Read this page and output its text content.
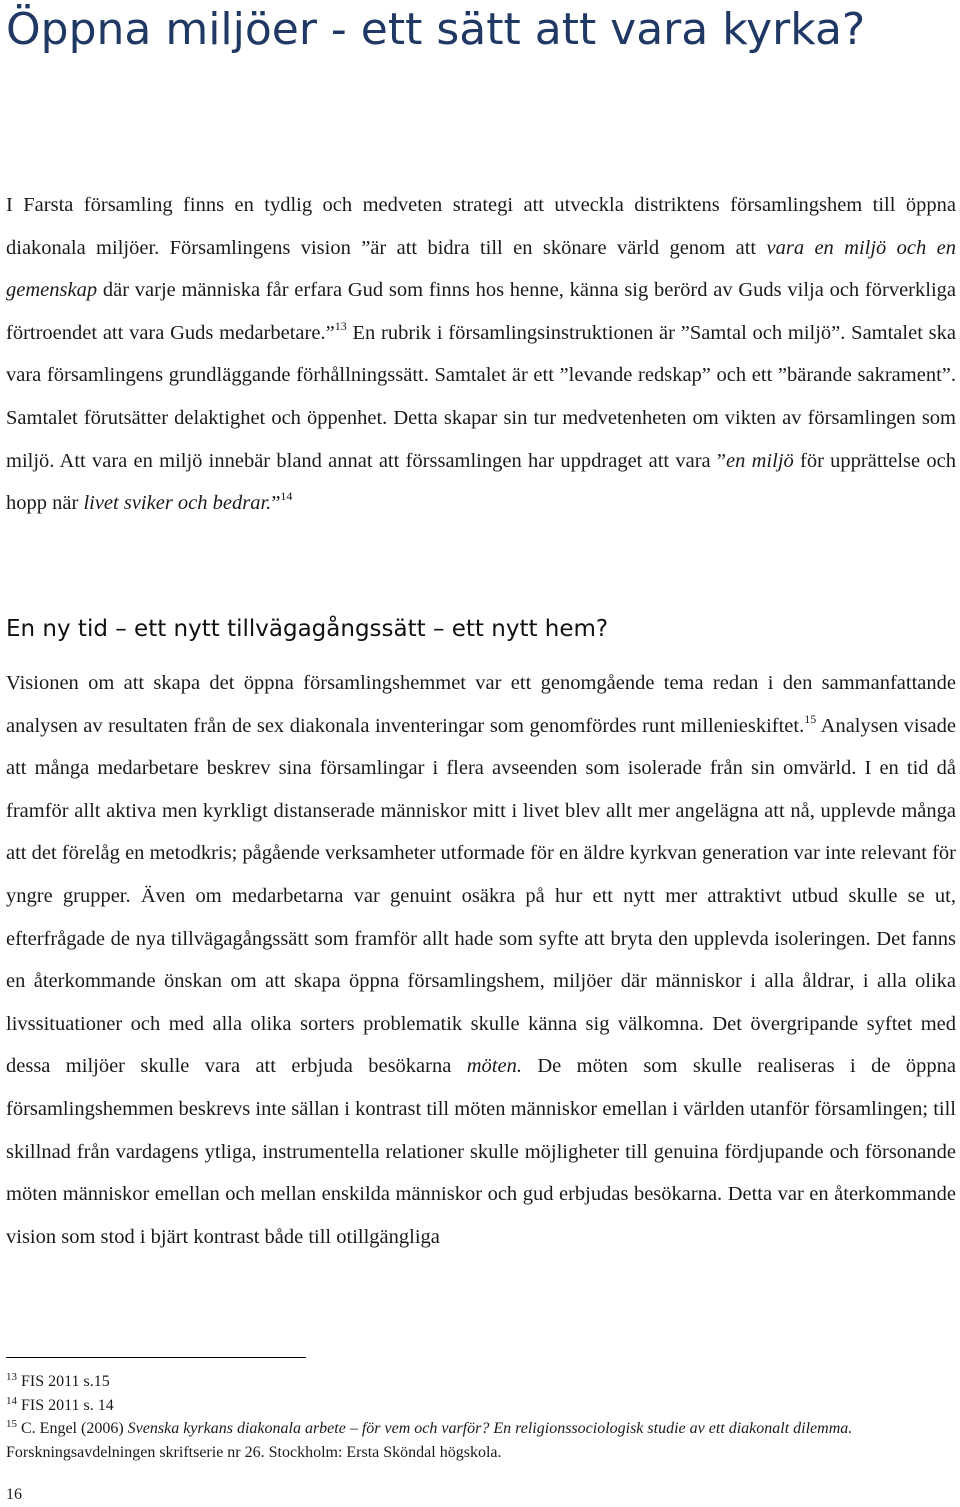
Öppna miljöer - ett sätt att vara kyrka?

I Farsta församling finns en tydlig och medveten strategi att utveckla distriktens församlingshem till öppna diakonala miljöer. Församlingens vision ”är att bidra till en skönare värld genom att vara en miljö och en gemenskap där varje människa får erfara Gud som finns hos henne, känna sig berörd av Guds vilja och förverkliga förtroendet att vara Guds medarbetare.”$^{13}$ En rubrik i församlingsinstruktionen är ”Samtal och miljö”. Samtalet ska vara församlingens grundläggande förhållningssätt. Samtalet är ett ”levande redskap” och ett ”bärande sakrament”. Samtalet förutsätter delaktighet och öppenhet. Detta skapar sin tur medvetenheten om vikten av församlingen som miljö. Att vara en miljö innebär bland annat att förssamlingen har uppdraget att vara ”en miljö för upprättelse och hopp när livet sviker och bedrar.”$^{14}$

En ny tid – ett nytt tillvägagångssätt – ett nytt hem?

Visionen om att skapa det öppna församlingshemmet var ett genomgående tema redan i den sammanfattande analysen av resultaten från de sex diakonala inventeringar som genomfördes runt millenieskiftet.$^{15}$ Analysen visade att många medarbetare beskrev sina församlingar i flera avseenden som isolerade från sin omvärld. I en tid då framför allt aktiva men kyrkligt distanserade människor mitt i livet blev allt mer angelägna att nå, upplevde många att det förelåg en metodkris; pågående verksamheter utformade för en äldre kyrkvan generation var inte relevant för yngre grupper. Även om medarbetarna var genuint osäkra på hur ett nytt mer attraktivt utbud skulle se ut, efterfrågade de nya tillvägagångssätt som framför allt hade som syfte att bryta den upplevda isoleringen. Det fanns en återkommande önskan om att skapa öppna församlingshem, miljöer där människor i alla åldrar, i alla olika livssituationer och med alla olika sorters problematik skulle känna sig välkomna. Det övergripande syftet med dessa miljöer skulle vara att erbjuda besökarna möten. De möten som skulle realiseras i de öppna församlingshemmen beskrevs inte sällan i kontrast till möten människor emellan i världen utanför församlingen; till skillnad från vardagens ytliga, instrumentella relationer skulle möjligheter till genuina fördjupande och försonande möten människor emellan och mellan enskilda människor och gud erbjudas besökarna. Detta var en återkommande vision som stod i bjärt kontrast både till otillgängliga

$^{13}$ FIS 2011 s.15
$^{14}$ FIS 2011 s. 14
$^{15}$ C. Engel (2006) Svenska kyrkans diakonala arbete – för vem och varför? En religionssociologisk studie av ett diakonalt dilemma. Forskningsavdelningen skriftserie nr 26. Stockholm: Ersta Sköndal högskola.
16
